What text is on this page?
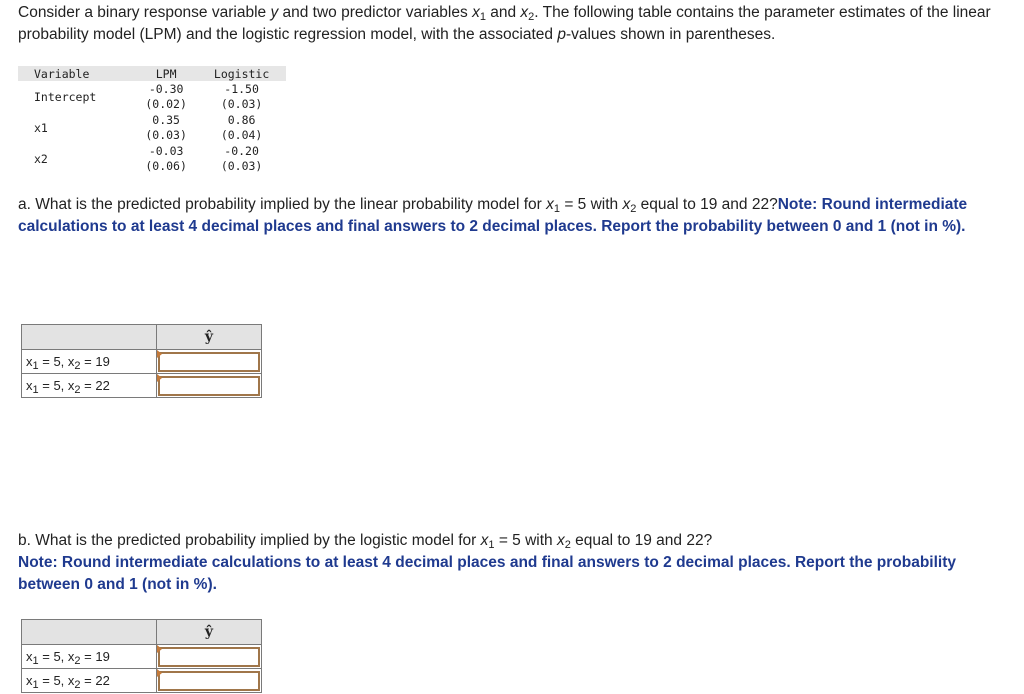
Consider a binary response variable y and two predictor variables $x_1$ and $x_2$. The following table contains the parameter estimates of the linear probability model (LPM) and the logistic regression model, with the associated p-values shown in parentheses.
Variable	LPM	Logistic
Intercept	-0.30	-1.50
	(0.02)	(0.03)
x1	0.35	0.86
	(0.03)	(0.04)
x2	-0.03	-0.20
	(0.06)	(0.03)
a. What is the predicted probability implied by the linear probability model for $x_1 = 5$ with $x_2$ equal to 19 and 22?Note: Round intermediate calculations to at least 4 decimal places and final answers to 2 decimal places. Report the probability between 0 and 1 (not in %).
	ŷ
$x_1 = 5$, $x_2 = 19$	

$x_1 = 5$, $x_2 = 22$	
b. What is the predicted probability implied by the logistic model for $x_1 = 5$ with $x_2$ equal to 19 and 22?
Note: Round intermediate calculations to at least 4 decimal places and final answers to 2 decimal places. Report the probability between 0 and 1 (not in %).
	ŷ
$x_1 = 5$, $x_2 = 19$	

$x_1 = 5$, $x_2 = 22$	
